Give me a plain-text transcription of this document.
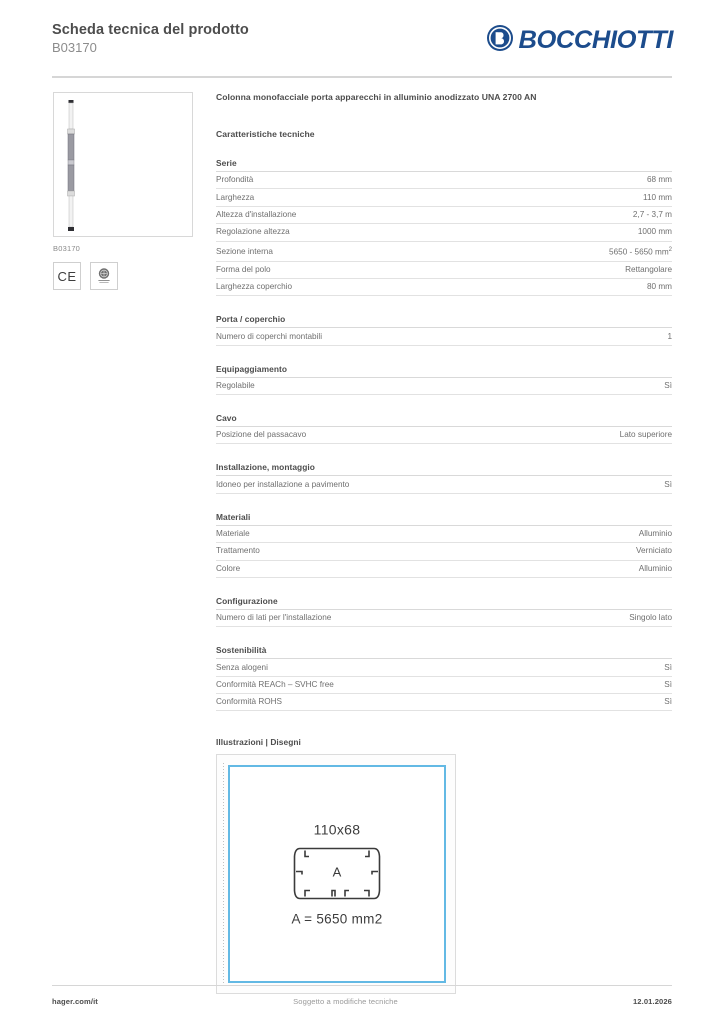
Scheda tecnica del prodotto
B03170	BOCCHIOTTI
B03170
CE
Colonna monofacciale porta apparecchi in alluminio anodizzato UNA 2700 AN
Caratteristiche tecniche
Serie
Profondità	68 mm
Larghezza	110 mm
Altezza d'installazione	2,7 - 3,7 m
Regolazione altezza	1000 mm
Sezione interna	5650 - 5650 $mm^2$
Forma del polo	Rettangolare
Larghezza coperchio	80 mm
Porta / coperchio
Numero di coperchi montabili	1
Equipaggiamento
Regolabile	Sì
Cavo
Posizione del passacavo	Lato superiore
Installazione, montaggio
Idoneo per installazione a pavimento	Sì
Materiali
Materiale	Alluminio
Trattamento	Verniciato
Colore	Alluminio
Configurazione
Numero di lati per l'installazione	Singolo lato
Sostenibilità
Senza alogeni	Sì
Conformità REACh – SVHC free	Sì
Conformità ROHS	Sì
Illustrazioni | Disegni
110x68
A
A = 5650 mm2
hager.com/it	Soggetto a modifiche tecniche	12.01.2026
